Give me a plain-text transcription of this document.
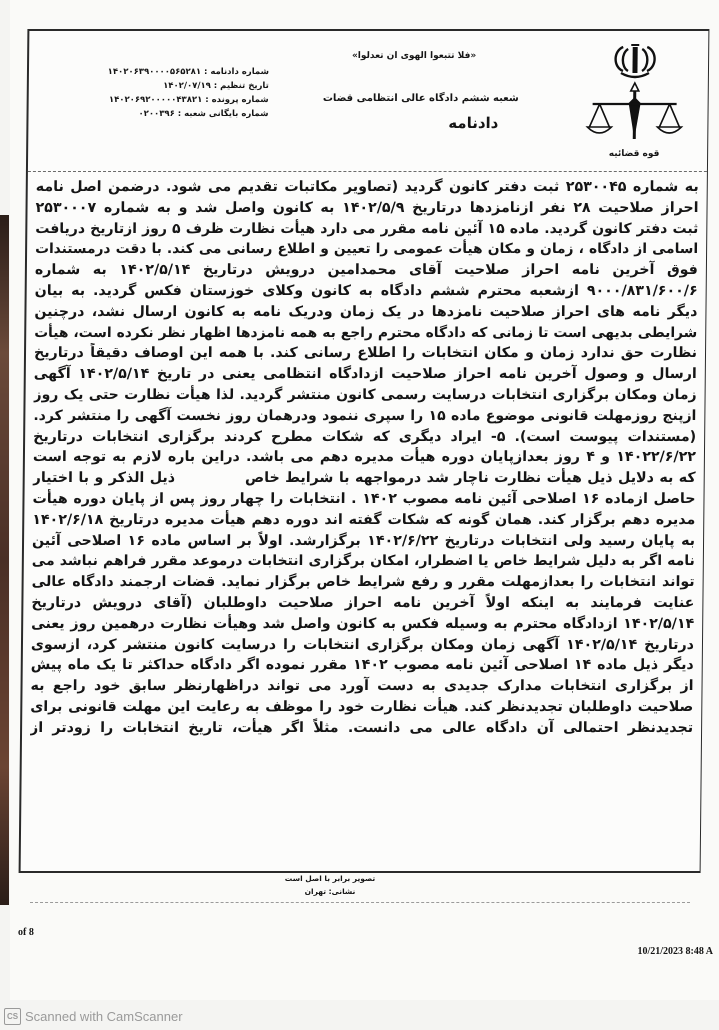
شماره دادنامه : ۱۴۰۲۰۶۳۹۰۰۰۰۵۶۵۲۸۱
تاریخ تنظیم : ۱۴۰۲/۰۷/۱۹
شماره پرونده : ۱۴۰۲۰۶۹۲۰۰۰۰۰۴۳۸۲۱
شماره بایگانی شعبه : ۰۲۰۰۳۹۶
«فلا تتبعوا الهوی ان تعدلوا»
شعبه ششم دادگاه عالی انتظامی قضات
دادنامه
قوه قضائیه
به شماره ۲۵۳۰۰۴۵ ثبت دفتر کانون گردید (تصاویر مکاتبات تقدیم می شود. درضمن اصل نامه
احراز صلاحیت ۲۸ نفر ازنامزدها درتاریخ ۱۴۰۲/۵/۹ به کانون واصل شد و به شماره ۲۵۳۰۰۰۷
ثبت دفتر کانون گردید. ماده ۱۵ آئین نامه مقرر می دارد هیأت نظارت ظرف ۵ روز ازتاریخ دریافت
اسامی از دادگاه ، زمان و مکان هیأت عمومی را تعیین و اطلاع رسانی می کند. با دقت درمستندات
فوق آخرین نامه احراز صلاحیت آقای محمدامین درویش درتاریخ ۱۴۰۲/۵/۱۴ به شماره
۹۰۰۰/۸۳۱/۶۰۰/۶ ازشعبه محترم ششم دادگاه به کانون وکلای خوزستان فکس گردید. به بیان
دیگر نامه های احراز صلاحیت نامزدها در یک زمان ودریک نامه به کانون ارسال نشد، درچنین
شرایطی بدیهی است تا زمانی که دادگاه محترم راجع به همه نامزدها اظهار نظر نکرده است، هیأت
نظارت حق ندارد زمان و مکان انتخابات را اطلاع رسانی کند. با همه این اوصاف دقیقاً درتاریخ
ارسال و وصول آخرین نامه احراز صلاحیت ازدادگاه انتظامی یعنی در تاریخ ۱۴۰۲/۵/۱۴ آگهی
زمان ومکان برگزاری انتخابات درسایت رسمی کانون منتشر گردید. لذا هیأت نظارت حتی یک روز
ازپنج روزمهلت قانونی موضوع ماده ۱۵ را سپری ننمود ودرهمان روز نخست آگهی را منتشر کرد.
(مستندات پیوست است). ۵- ایراد دیگری که شکات مطرح کردند برگزاری انتخابات درتاریخ
۱۴۰۲۲/۶/۲۲ و ۴ روز بعدازپایان دوره هیأت مدیره دهم می باشد. دراین باره لازم به توجه است
که به دلایل ذیل هیأت نظارت ناچار شد درمواجهه با شرایط خاصذیل الذکر و با اختیار
حاصل ازماده ۱۶ اصلاحی آئین نامه مصوب ۱۴۰۲ . انتخابات را چهار روز پس از پایان دوره هیأت
مدیره دهم برگزار کند. همان گونه که شکات گفته اند دوره دهم هیأت مدیره درتاریخ ۱۴۰۲/۶/۱۸
به پایان رسید ولی انتخابات درتاریخ ۱۴۰۲/۶/۲۲ برگزارشد. اولاً بر اساس ماده ۱۶ اصلاحی آئین
نامه اگر به دلیل شرایط خاص یا اضطرار، امکان برگزاری انتخابات درموعد مقرر فراهم نباشد می
تواند انتخابات را بعدازمهلت مقرر و رفع شرایط خاص برگزار نماید. قضات ارجمند دادگاه عالی
عنایت فرمایند به اینکه اولاً آخرین نامه احراز صلاحیت داوطلبان (آقای درویش درتاریخ
۱۴۰۲/۵/۱۴ ازدادگاه محترم به وسیله فکس به کانون واصل شد وهیأت نظارت درهمین روز یعنی
درتاریخ ۱۴۰۲/۵/۱۴ آگهی زمان ومکان برگزاری انتخابات را درسایت کانون منتشر کرد، ازسوی
دیگر ذیل ماده ۱۴ اصلاحی آئین نامه مصوب ۱۴۰۲ مقرر نموده اگر دادگاه حداکثر تا یک ماه پیش
از برگزاری انتخابات مدارک جدیدی به دست آورد می تواند دراظهارنظر سابق خود راجع به
صلاحیت داوطلبان تجدیدنظر کند. هیأت نظارت خود را موظف به رعایت این مهلت قانونی برای
تجدیدنظر احتمالی آن دادگاه عالی می دانست. مثلاً اگر هیأت، تاریخ انتخابات را زودتر از
تصویر برابر با اصل است
نشانی: تهران
of 8
10/21/2023 8:48 A
CS Scanned with CamScanner
